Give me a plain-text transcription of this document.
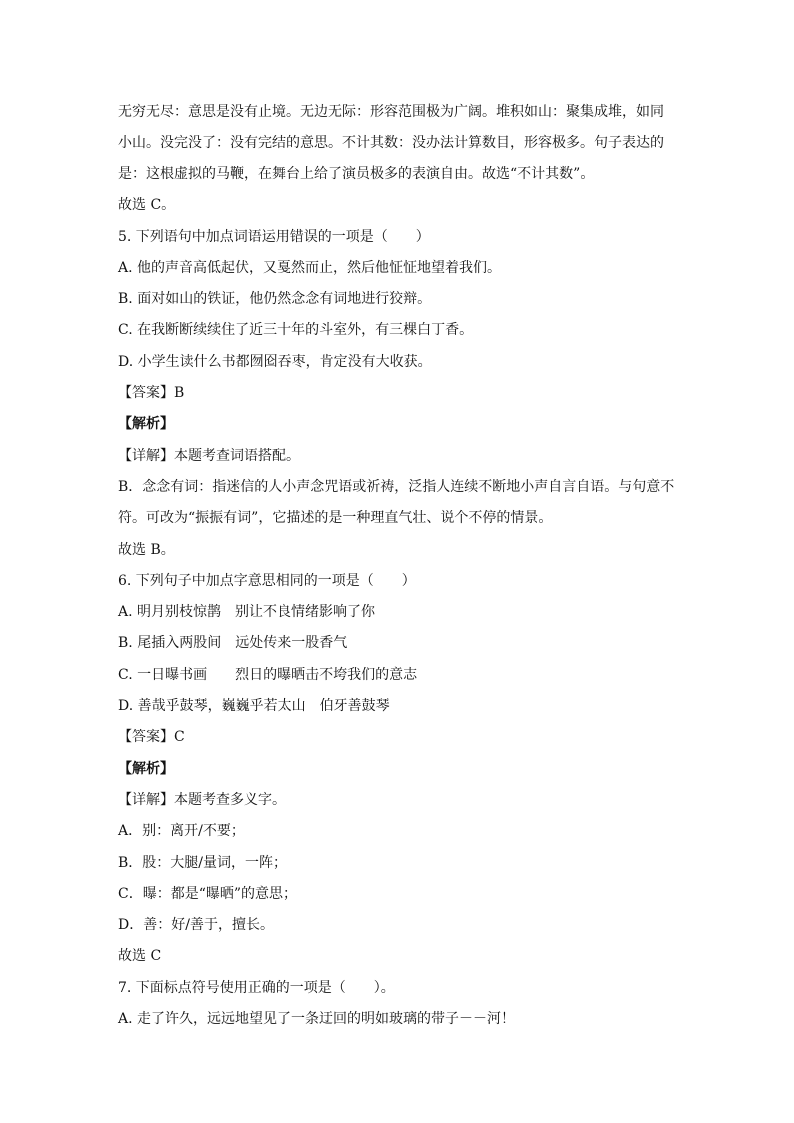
无穷无尽：意思是没有止境。无边无际：形容范围极为广阔。堆积如山：聚集成堆，如同
小山。没完没了：没有完结的意思。不计其数：没办法计算数目，形容极多。句子表达的
是：这根虚拟的马鞭，在舞台上给了演员极多的表演自由。故选“不计其数”。
故选 C。
5. 下列语句中加点词语运用错误的一项是（　　）
A. 他的声音高低起伏，又戛然而止，然后他怔怔地望着我们。
B. 面对如山的铁证，他仍然念念有词地进行狡辩。
C. 在我断断续续住了近三十年的斗室外，有三棵白丁香。
D. 小学生读什么书都囫囵吞枣，肯定没有大收获。
【答案】B
【解析】
【详解】本题考查词语搭配。
B．念念有词：指迷信的人小声念咒语或祈祷，泛指人连续不断地小声自言自语。与句意不
符。可改为“振振有词”，它描述的是一种理直气壮、说个不停的情景。
故选 B。
6. 下列句子中加点字意思相同的一项是（　　）
A. 明月别枝惊鹊　别让不良情绪影响了你
B. 尾插入两股间　远处传来一股香气
C. 一日曝书画　　烈日的曝晒击不垮我们的意志
D. 善哉乎鼓琴，巍巍乎若太山　伯牙善鼓琴
【答案】C
【解析】
【详解】本题考查多义字。
A．别：离开/不要；
B．股：大腿/量词，一阵；
C．曝：都是“曝晒”的意思；
D．善：好/善于，擅长。
故选 C
7. 下面标点符号使用正确的一项是（　　）。
A. 走了许久，远远地望见了一条迂回的明如玻璃的带子－－河！
